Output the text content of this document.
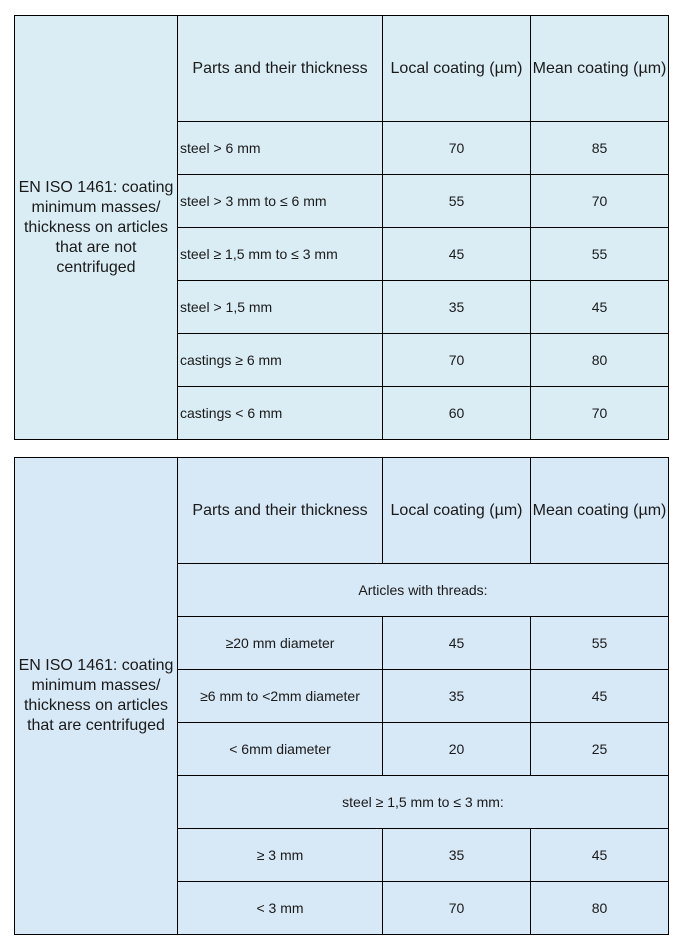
EN ISO 1461: coating minimum masses/ thickness on articles that are not centrifuged	Parts and their thickness	Local coating (µm)	Mean coating (µm)
	steel > 6 mm	70	85
	steel > 3 mm to ≤ 6 mm	55	70
	steel ≥ 1,5 mm to ≤ 3 mm	45	55
	steel > 1,5 mm	35	45
	castings ≥ 6 mm	70	80
	castings < 6 mm	60	70
EN ISO 1461: coating minimum masses/ thickness on articles that are centrifuged	Parts and their thickness	Local coating (µm)	Mean coating (µm)
	Articles with threads:		
	≥20 mm diameter	45	55
	≥6 mm to <2mm diameter	35	45
	< 6mm diameter	20	25
	steel ≥ 1,5 mm to ≤ 3 mm:		
	≥ 3 mm	35	45
	< 3 mm	70	80
